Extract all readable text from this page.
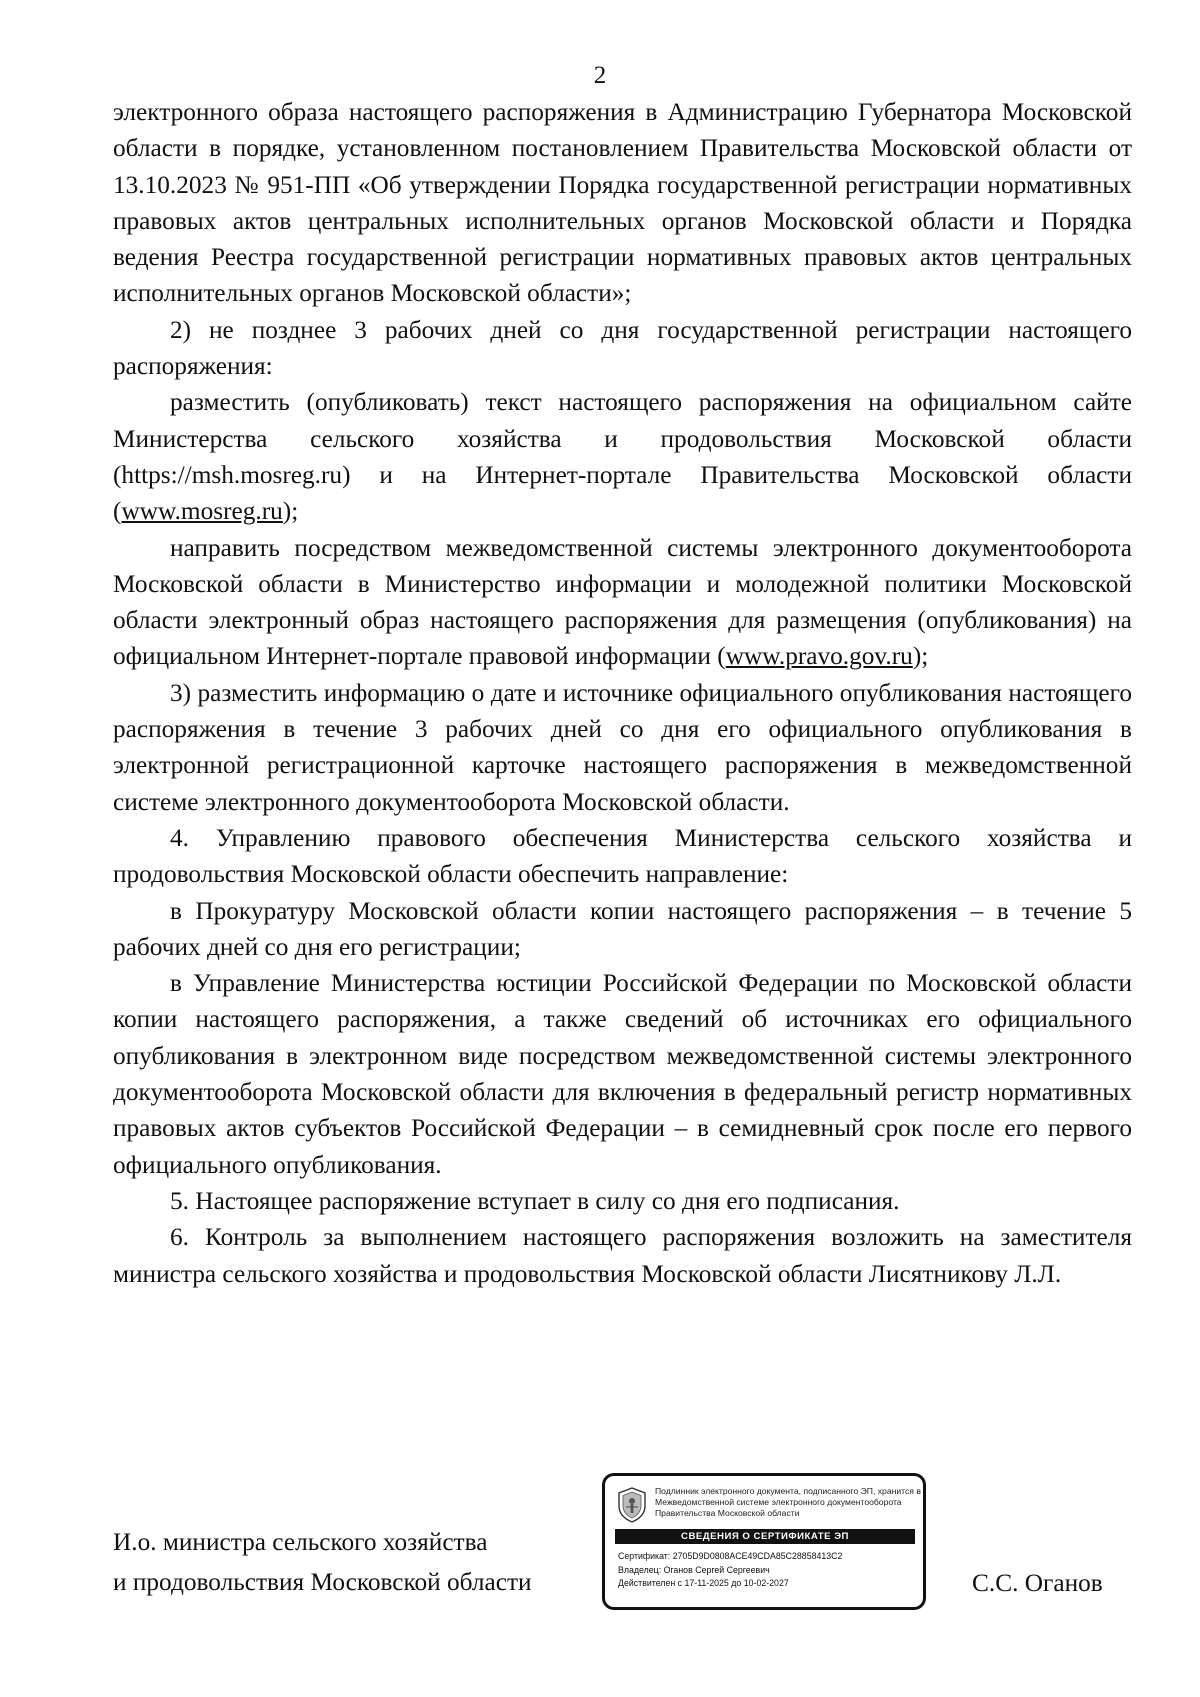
2

электронного образа настоящего распоряжения в Администрацию Губернатора Московской области в порядке, установленном постановлением Правительства Московской области от 13.10.2023 № 951-ПП «Об утверждении Порядка государственной регистрации нормативных правовых актов центральных исполнительных органов Московской области и Порядка ведения Реестра государственной регистрации нормативных правовых актов центральных исполнительных органов Московской области»;

2) не позднее 3 рабочих дней со дня государственной регистрации настоящего распоряжения:

разместить (опубликовать) текст настоящего распоряжения на официальном сайте Министерства сельского хозяйства и продовольствия Московской области (https://msh.mosreg.ru) и на Интернет-портале Правительства Московской области (www.mosreg.ru);

направить посредством межведомственной системы электронного документооборота Московской области в Министерство информации и молодежной политики Московской области электронный образ настоящего распоряжения для размещения (опубликования) на официальном Интернет-портале правовой информации (www.pravo.gov.ru);

3) разместить информацию о дате и источнике официального опубликования настоящего распоряжения в течение 3 рабочих дней со дня его официального опубликования в электронной регистрационной карточке настоящего распоряжения в межведомственной системе электронного документооборота Московской области.

4. Управлению правового обеспечения Министерства сельского хозяйства и продовольствия Московской области обеспечить направление:

в Прокуратуру Московской области копии настоящего распоряжения – в течение 5 рабочих дней со дня его регистрации;

в Управление Министерства юстиции Российской Федерации по Московской области копии настоящего распоряжения, а также сведений об источниках его официального опубликования в электронном виде посредством межведомственной системы электронного документооборота Московской области для включения в федеральный регистр нормативных правовых актов субъектов Российской Федерации – в семидневный срок после его первого официального опубликования.

5. Настоящее распоряжение вступает в силу со дня его подписания.

6. Контроль за выполнением настоящего распоряжения возложить на заместителя министра сельского хозяйства и продовольствия Московской области Лисятникову Л.Л.

И.о. министра сельского хозяйства
и продовольствия Московской области
Подлинник электронного документа, подписанного ЭП, хранится в Межведомственной системе электронного документооборота Правительства Московской области
СВЕДЕНИЯ О СЕРТИФИКАТЕ ЭП
Сертификат: 2705D9D0808ACE49CDA85C28858413C2
Владелец: Оганов Сергей Сергеевич
Действителен с 17-11-2025 до 10-02-2027	С.С. Оганов
